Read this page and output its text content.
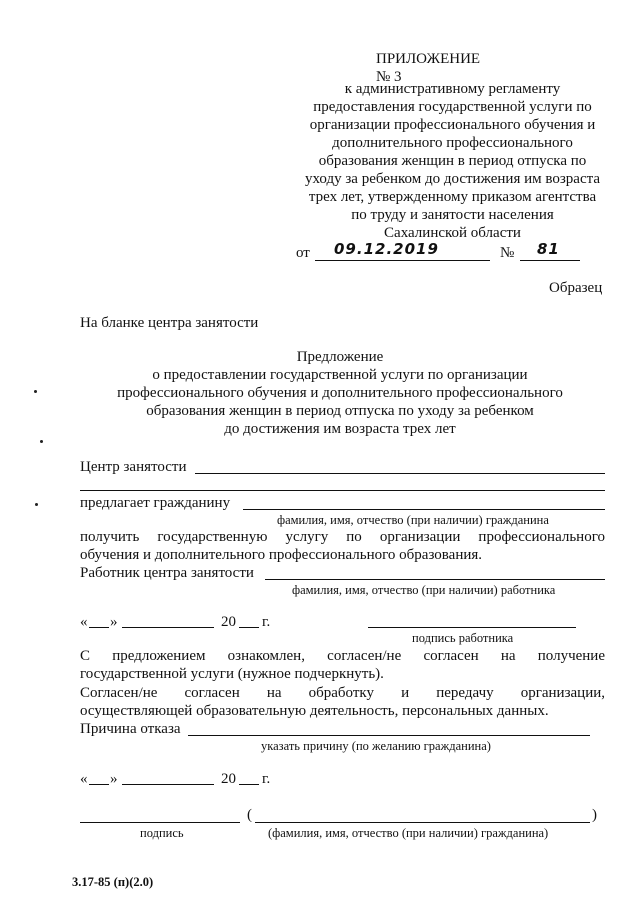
ПРИЛОЖЕНИЕ № 3
к административному регламенту
предоставления государственной услуги по
организации профессионального обучения и
дополнительного профессионального
образования женщин в период отпуска по
уходу за ребенком до достижения им возраста
трех лет, утвержденному приказом агентства
по труду и занятости населения
Сахалинской области
от 09.12.2019	№ 81
Образец
На бланке центра занятости
Предложение
о предоставлении государственной услуги по организации
профессионального обучения и дополнительного профессионального
образования женщин в период отпуска по уходу за ребенком
до достижения им возраста трех лет
Центр занятости
предлагает гражданину
фамилия, имя, отчество (при наличии) гражданина
получить государственную услугу по организации профессионального
обучения и дополнительного профессионального образования.
Работник центра занятости
фамилия, имя, отчество (при наличии) работника
« »	20 г.
подпись работника
С предложением ознакомлен, согласен/не согласен на получение
государственной услуги (нужное подчеркнуть).
Согласен/не согласен на обработку и передачу организации,
осуществляющей образовательную деятельность, персональных данных.
Причина отказа
указать причину (по желанию гражданина)
« »	20 г.
(	)
подпись	(фамилия, имя, отчество (при наличии) гражданина)
3.17-85 (п)(2.0)
